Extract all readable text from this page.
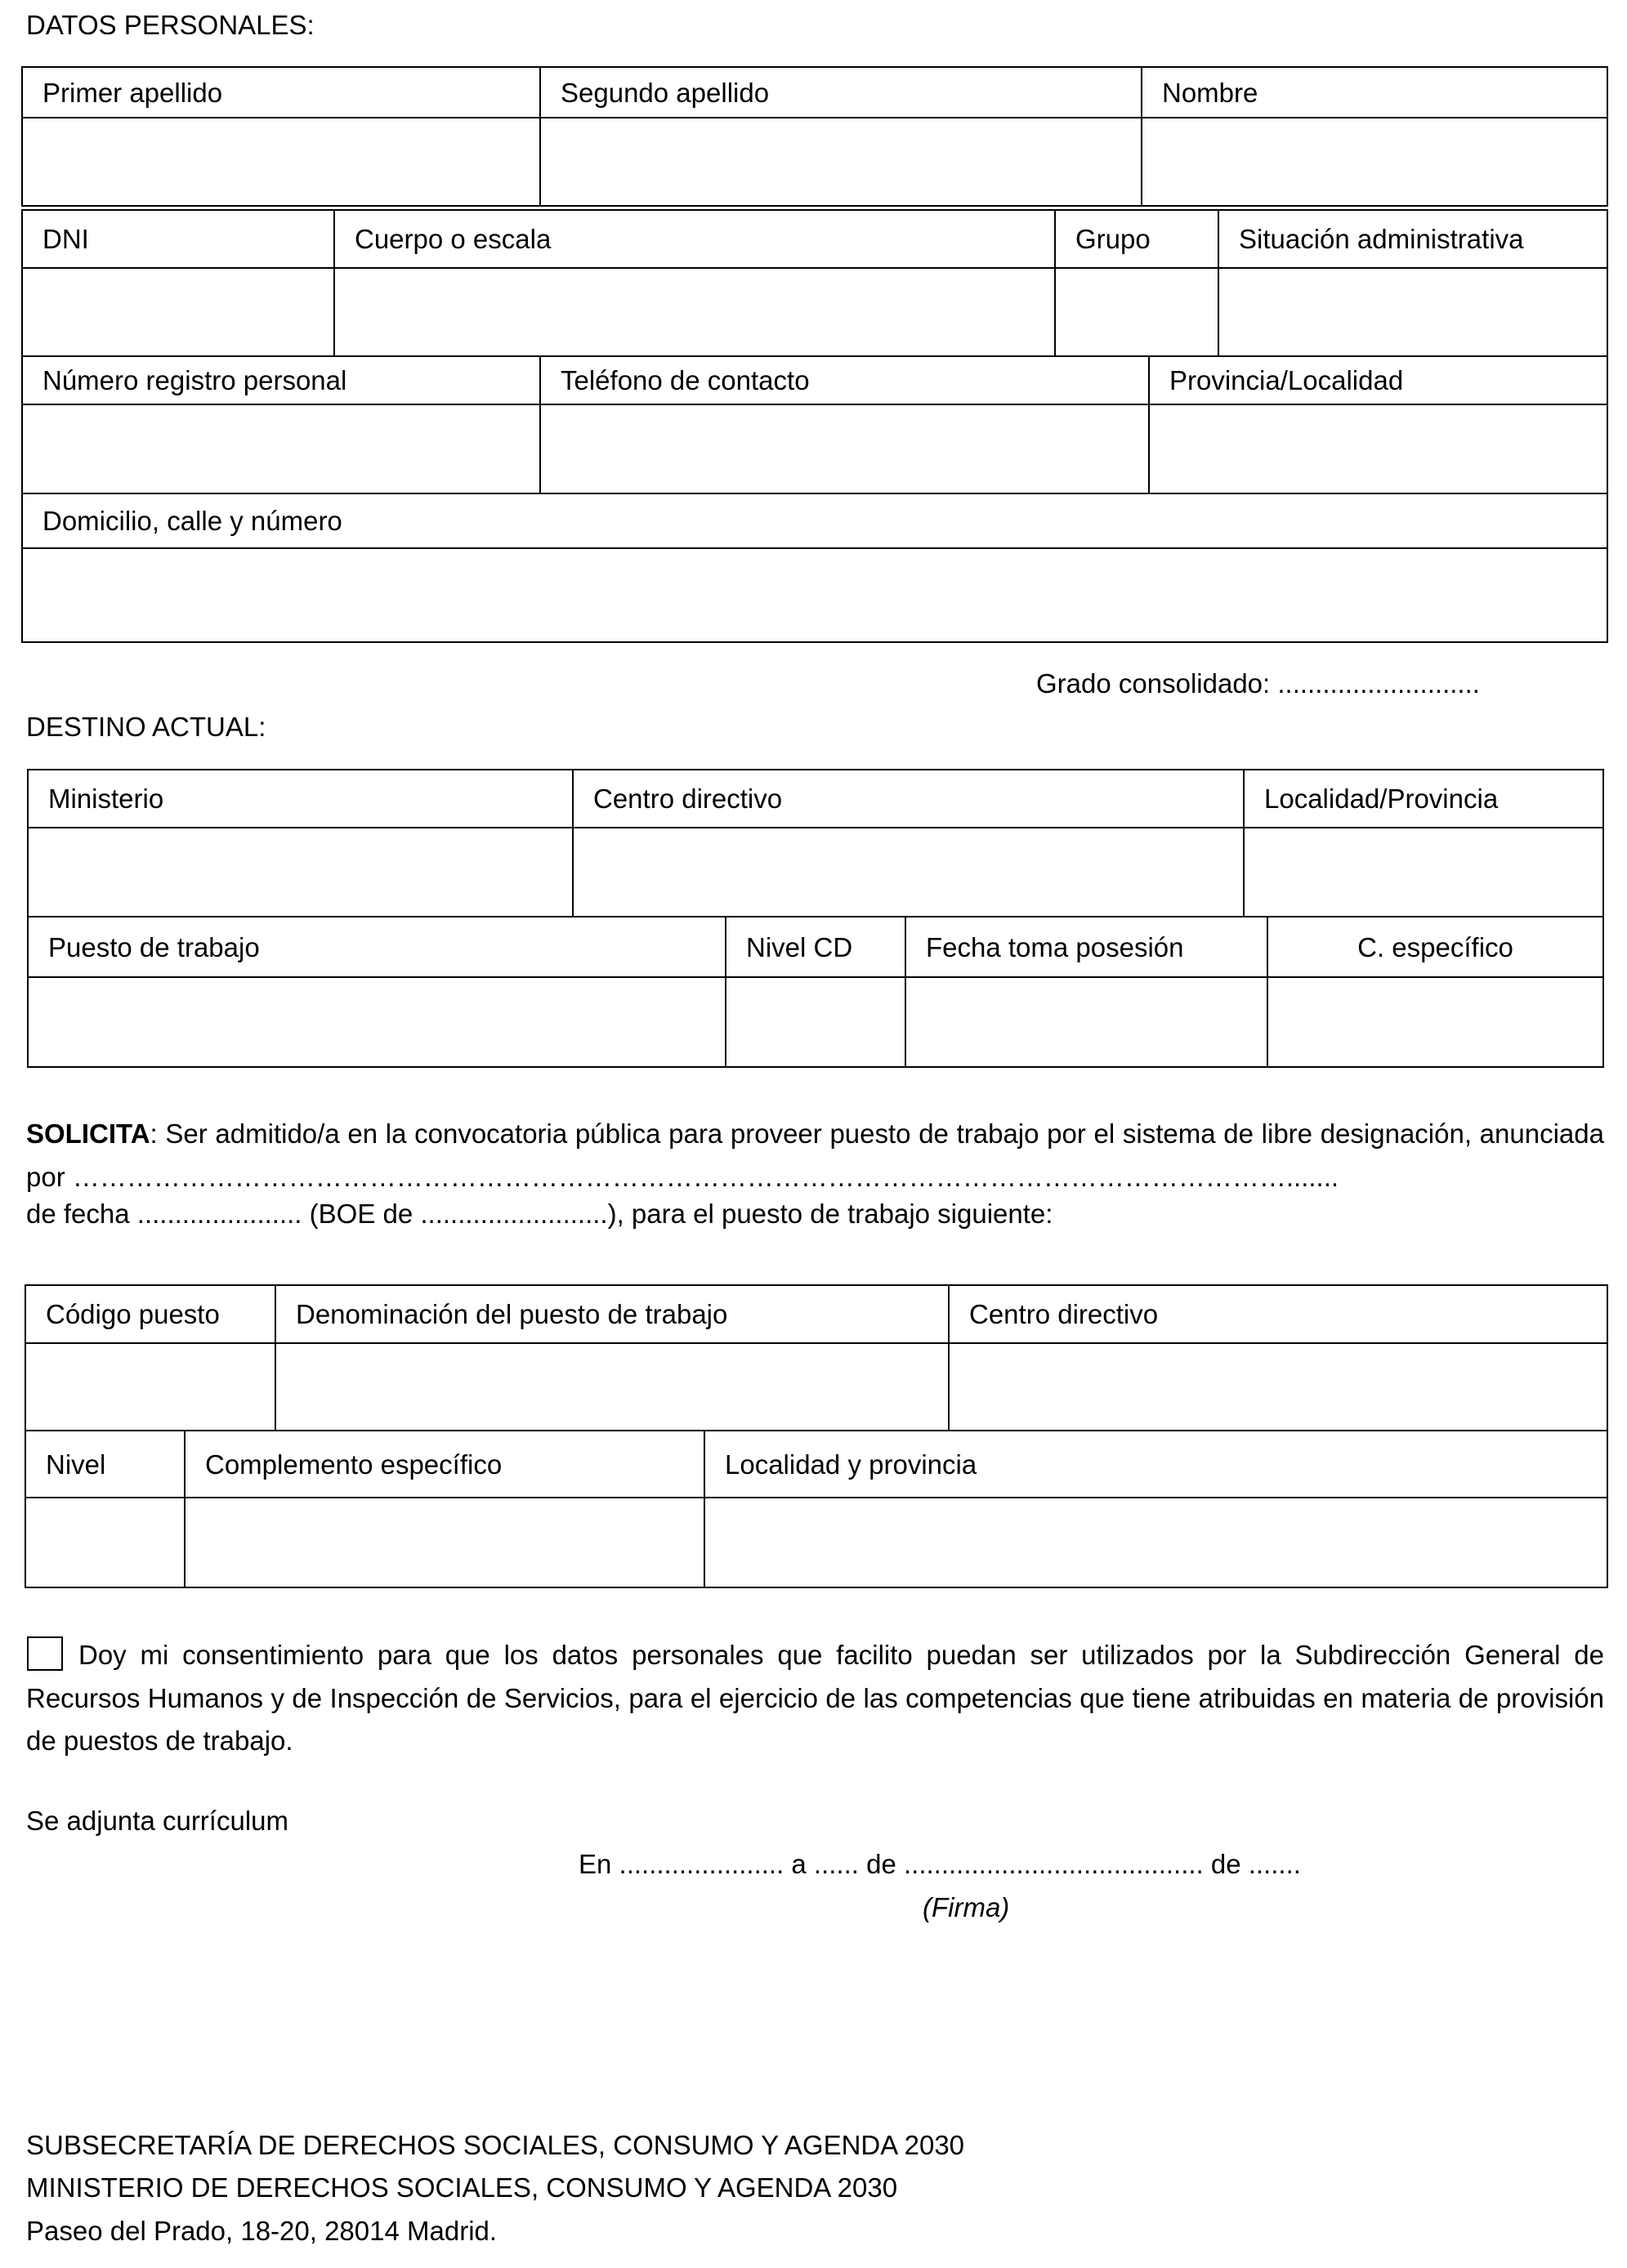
DATOS PERSONALES:
Primer apellido	Segundo apellido	Nombre
DNI	Cuerpo o escala	Grupo	Situación administrativa
Número registro personal	Teléfono de contacto	Provincia/Localidad
Domicilio, calle y número
Grado consolidado: ...........................
DESTINO ACTUAL:
Ministerio	Centro directivo	Localidad/Provincia
Puesto de trabajo	Nivel CD	Fecha toma posesión	C. específico
SOLICITA: Ser admitido/a en la convocatoria pública para proveer puesto de trabajo por el sistema de libre designación, anunciada por ……………………………………………………………………………………………………………………….......
de fecha ...................... (BOE de .........................), para el puesto de trabajo siguiente:
Código puesto	Denominación del puesto de trabajo	Centro directivo
Nivel	Complemento específico	Localidad y provincia
Doy mi consentimiento para que los datos personales que facilito puedan ser utilizados por la Subdirección General de Recursos Humanos y de Inspección de Servicios, para el ejercicio de las competencias que tiene atribuidas en materia de provisión de puestos de trabajo.
Se adjunta currículum
En ...................... a ...... de ........................................ de .......
(Firma)
SUBSECRETARÍA DE DERECHOS SOCIALES, CONSUMO Y AGENDA 2030
MINISTERIO DE DERECHOS SOCIALES, CONSUMO Y AGENDA 2030
Paseo del Prado, 18-20, 28014 Madrid.
